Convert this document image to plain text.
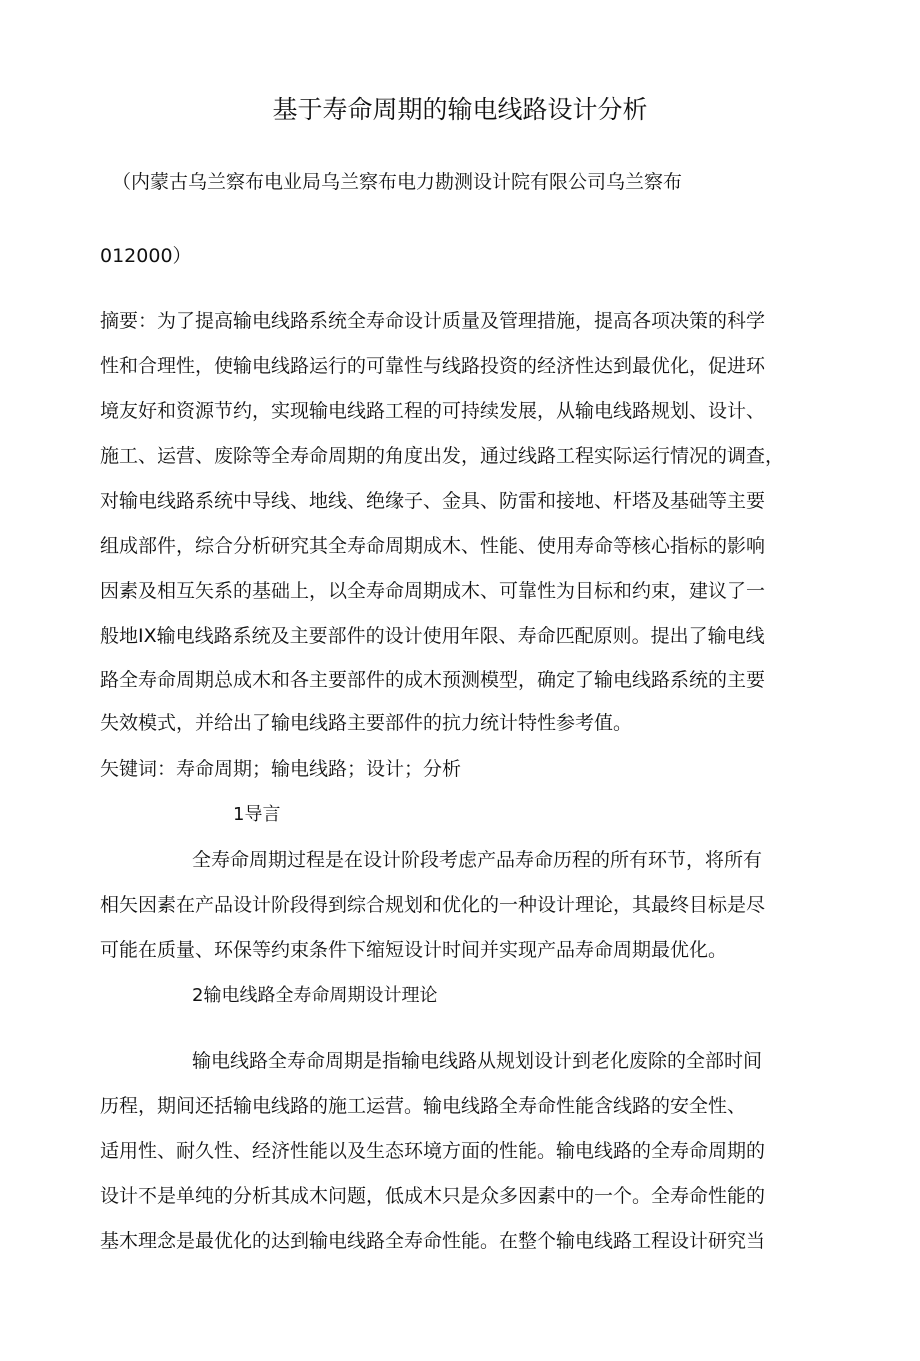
基于寿命周期的输电线路设计分析
（内蒙古乌兰察布电业局乌兰察布电力勘测设计院有限公司乌兰察布
012000）
摘要：为了提高输电线路系统全寿命设计质量及管理措施，提高各项决策的科学
性和合理性，使输电线路运行的可靠性与线路投资的经济性达到最优化，促进环
境友好和资源节约，实现输电线路工程的可持续发展，从输电线路规划、设计、
施工、运营、废除等全寿命周期的角度出发，通过线路工程实际运行情况的调查，
对输电线路系统中导线、地线、绝缘子、金具、防雷和接地、杆塔及基础等主要
组成部件，综合分析研究其全寿命周期成木、性能、使用寿命等核心指标的影响
因素及相互矢系的基础上，以全寿命周期成木、可靠性为目标和约束，建议了一
般地IX输电线路系统及主要部件的设计使用年限、寿命匹配原则。提出了输电线
路全寿命周期总成木和各主要部件的成木预测模型，确定了输电线路系统的主要
失效模式，并给出了输电线路主要部件的抗力统计特性参考值。
矢键词：寿命周期；输电线路；设计；分析
1导言
全寿命周期过程是在设计阶段考虑产品寿命历程的所有环节，将所有
相矢因素在产品设计阶段得到综合规划和优化的一种设计理论，其最终目标是尽
可能在质量、环保等约束条件下缩短设计时间并实现产品寿命周期最优化。
2输电线路全寿命周期设计理论
输电线路全寿命周期是指输电线路从规划设计到老化废除的全部时间
历程，期间还括输电线路的施工运营。输电线路全寿命性能含线路的安全性、
适用性、耐久性、经济性能以及生态环境方面的性能。输电线路的全寿命周期的
设计不是单纯的分析其成木问题，低成木只是众多因素中的一个。全寿命性能的
基木理念是最优化的达到输电线路全寿命性能。在整个输电线路工程设计研究当
